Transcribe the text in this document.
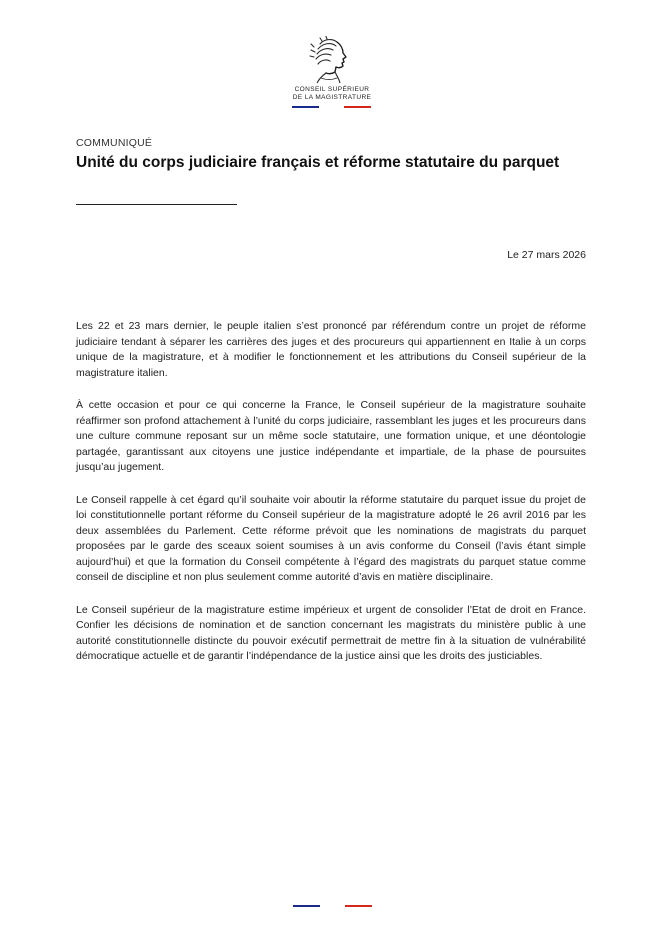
CONSEIL SUPÉRIEUR
DE LA MAGISTRATURE
COMMUNIQUÉ
Unité du corps judiciaire français et réforme statutaire du parquet
Le 27 mars 2026

Les 22 et 23 mars dernier, le peuple italien s’est prononcé par référendum contre un projet de réforme judiciaire tendant à séparer les carrières des juges et des procureurs qui appartiennent en Italie à un corps unique de la magistrature, et à modifier le fonctionnement et les attributions du Conseil supérieur de la magistrature italien.

À cette occasion et pour ce qui concerne la France, le Conseil supérieur de la magistrature souhaite réaffirmer son profond attachement à l’unité du corps judiciaire, rassemblant les juges et les procureurs dans une culture commune reposant sur un même socle statutaire, une formation unique, et une déontologie partagée, garantissant aux citoyens une justice indépendante et impartiale, de la phase de poursuites jusqu’au jugement.

Le Conseil rappelle à cet égard qu’il souhaite voir aboutir la réforme statutaire du parquet issue du projet de loi constitutionnelle portant réforme du Conseil supérieur de la magistrature adopté le 26 avril 2016 par les deux assemblées du Parlement. Cette réforme prévoit que les nominations de magistrats du parquet proposées par le garde des sceaux soient soumises à un avis conforme du Conseil (l’avis étant simple aujourd’hui) et que la formation du Conseil compétente à l’égard des magistrats du parquet statue comme conseil de discipline et non plus seulement comme autorité d’avis en matière disciplinaire.

Le Conseil supérieur de la magistrature estime impérieux et urgent de consolider l’Etat de droit en France. Confier les décisions de nomination et de sanction concernant les magistrats du ministère public à une autorité constitutionnelle distincte du pouvoir exécutif permettrait de mettre fin à la situation de vulnérabilité démocratique actuelle et de garantir l’indépendance de la justice ainsi que les droits des justiciables.
